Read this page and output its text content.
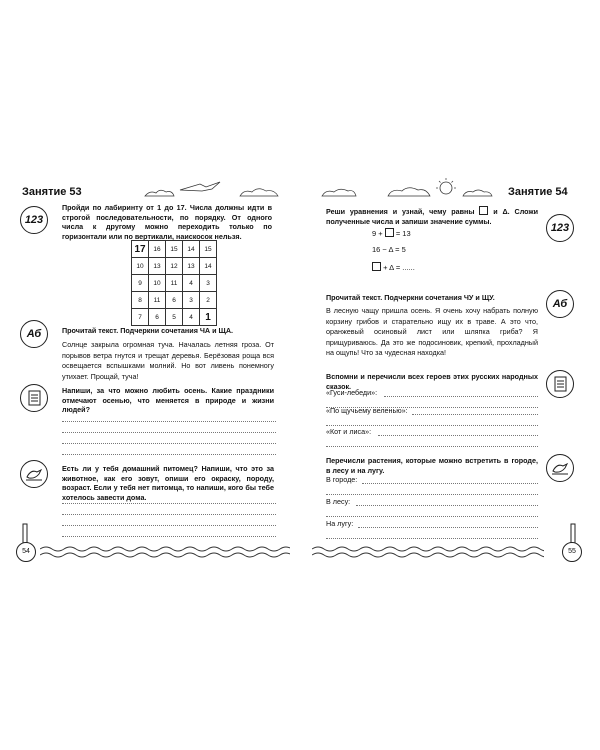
Занятие 53
123
Пройди по лабиринту от 1 до 17. Числа должны идти в строгой последовательности, по порядку. От одного числа к другому можно переходить только по горизонтали или по вертикали, наискосок нельзя.
17	16	15	14	15
10	13	12	13	14
9	10	11	4	3
8	11	6	3	2
7	6	5	4	1
Аб	Прочитай текст. Подчеркни сочетания ЧА и ЩА.

Солнце закрыла огромная туча. Началась летняя гроза. От порывов ветра гнутся и трещат деревья. Берёзовая роща вся освещается вспышками молний. Но вот ливень понемногу утихает. Прощай, туча!

Напиши, за что можно любить осень. Какие праздники отмечают осенью, что меняется в природе и жизни людей?
Есть ли у тебя домашний питомец? Напиши, что это за животное, как его зовут, опиши его окраску, породу, возраст. Если у тебя нет питомца, то напиши, кого бы тебе хотелось завести дома.
54
Занятие 54
123
Реши уравнения и узнай, чему равны	и Δ. Сложи полученные числа и запиши значение суммы.
9 + = 13
16 − Δ = 5
+ Δ = ......
Прочитай текст. Подчеркни сочетания ЧУ и ЩУ.

В лесную чащу пришла осень. Я очень хочу набрать полную корзину грибов и старательно ищу их в траве. А это что, оранжевый осиновый лист или шляпка гриба? Я прищуриваюсь. Да это же подосиновик, крепкий, прохладный на ощупь! Что за чудесная находка!

Аб
Вспомни и перечисли всех героев этих русских народных сказок.
«Гуси-лебеди»:
«По щучьему веленью»:
«Кот и лиса»:
Перечисли растения, которые можно встретить в городе, в лесу и на лугу.
В городе:
В лесу:
На лугу:
55
